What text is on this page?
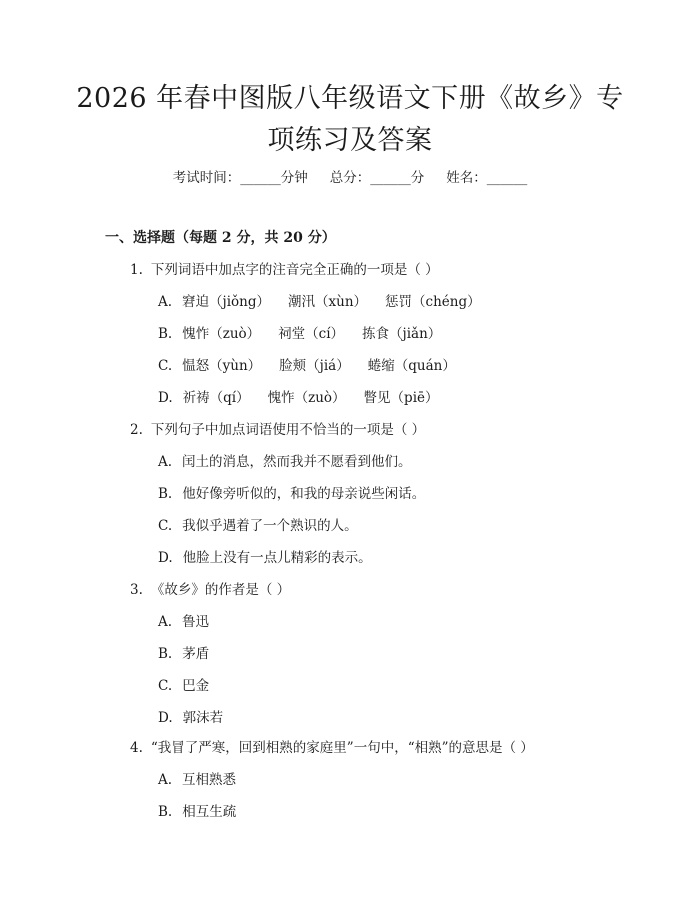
2026 年春中图版八年级语文下册《故乡》专
项练习及答案
考试时间：______分钟 总分：______分 姓名：______
一、选择题（每题 2 分，共 20 分）
1. 下列词语中加点字的注音完全正确的一项是（ ）
A. 窘迫（jiǒng） 潮汛（xùn） 惩罚（chéng）
B. 愧怍（zuò） 祠堂（cí） 拣食（jiǎn）
C. 愠怒（yùn） 脸颊（jiá） 蜷缩（quán）
D. 祈祷（qí） 愧怍（zuò） 瞥见（piē）
2. 下列句子中加点词语使用不恰当的一项是（ ）
A. 闰土的消息，然而我并不愿看到他们。
B. 他好像旁听似的，和我的母亲说些闲话。
C. 我似乎遇着了一个熟识的人。
D. 他脸上没有一点儿精彩的表示。
3. 《故乡》的作者是（ ）
A. 鲁迅
B. 茅盾
C. 巴金
D. 郭沫若
4. “我冒了严寒，回到相熟的家庭里”一句中，“相熟”的意思是（ ）
A. 互相熟悉
B. 相互生疏
